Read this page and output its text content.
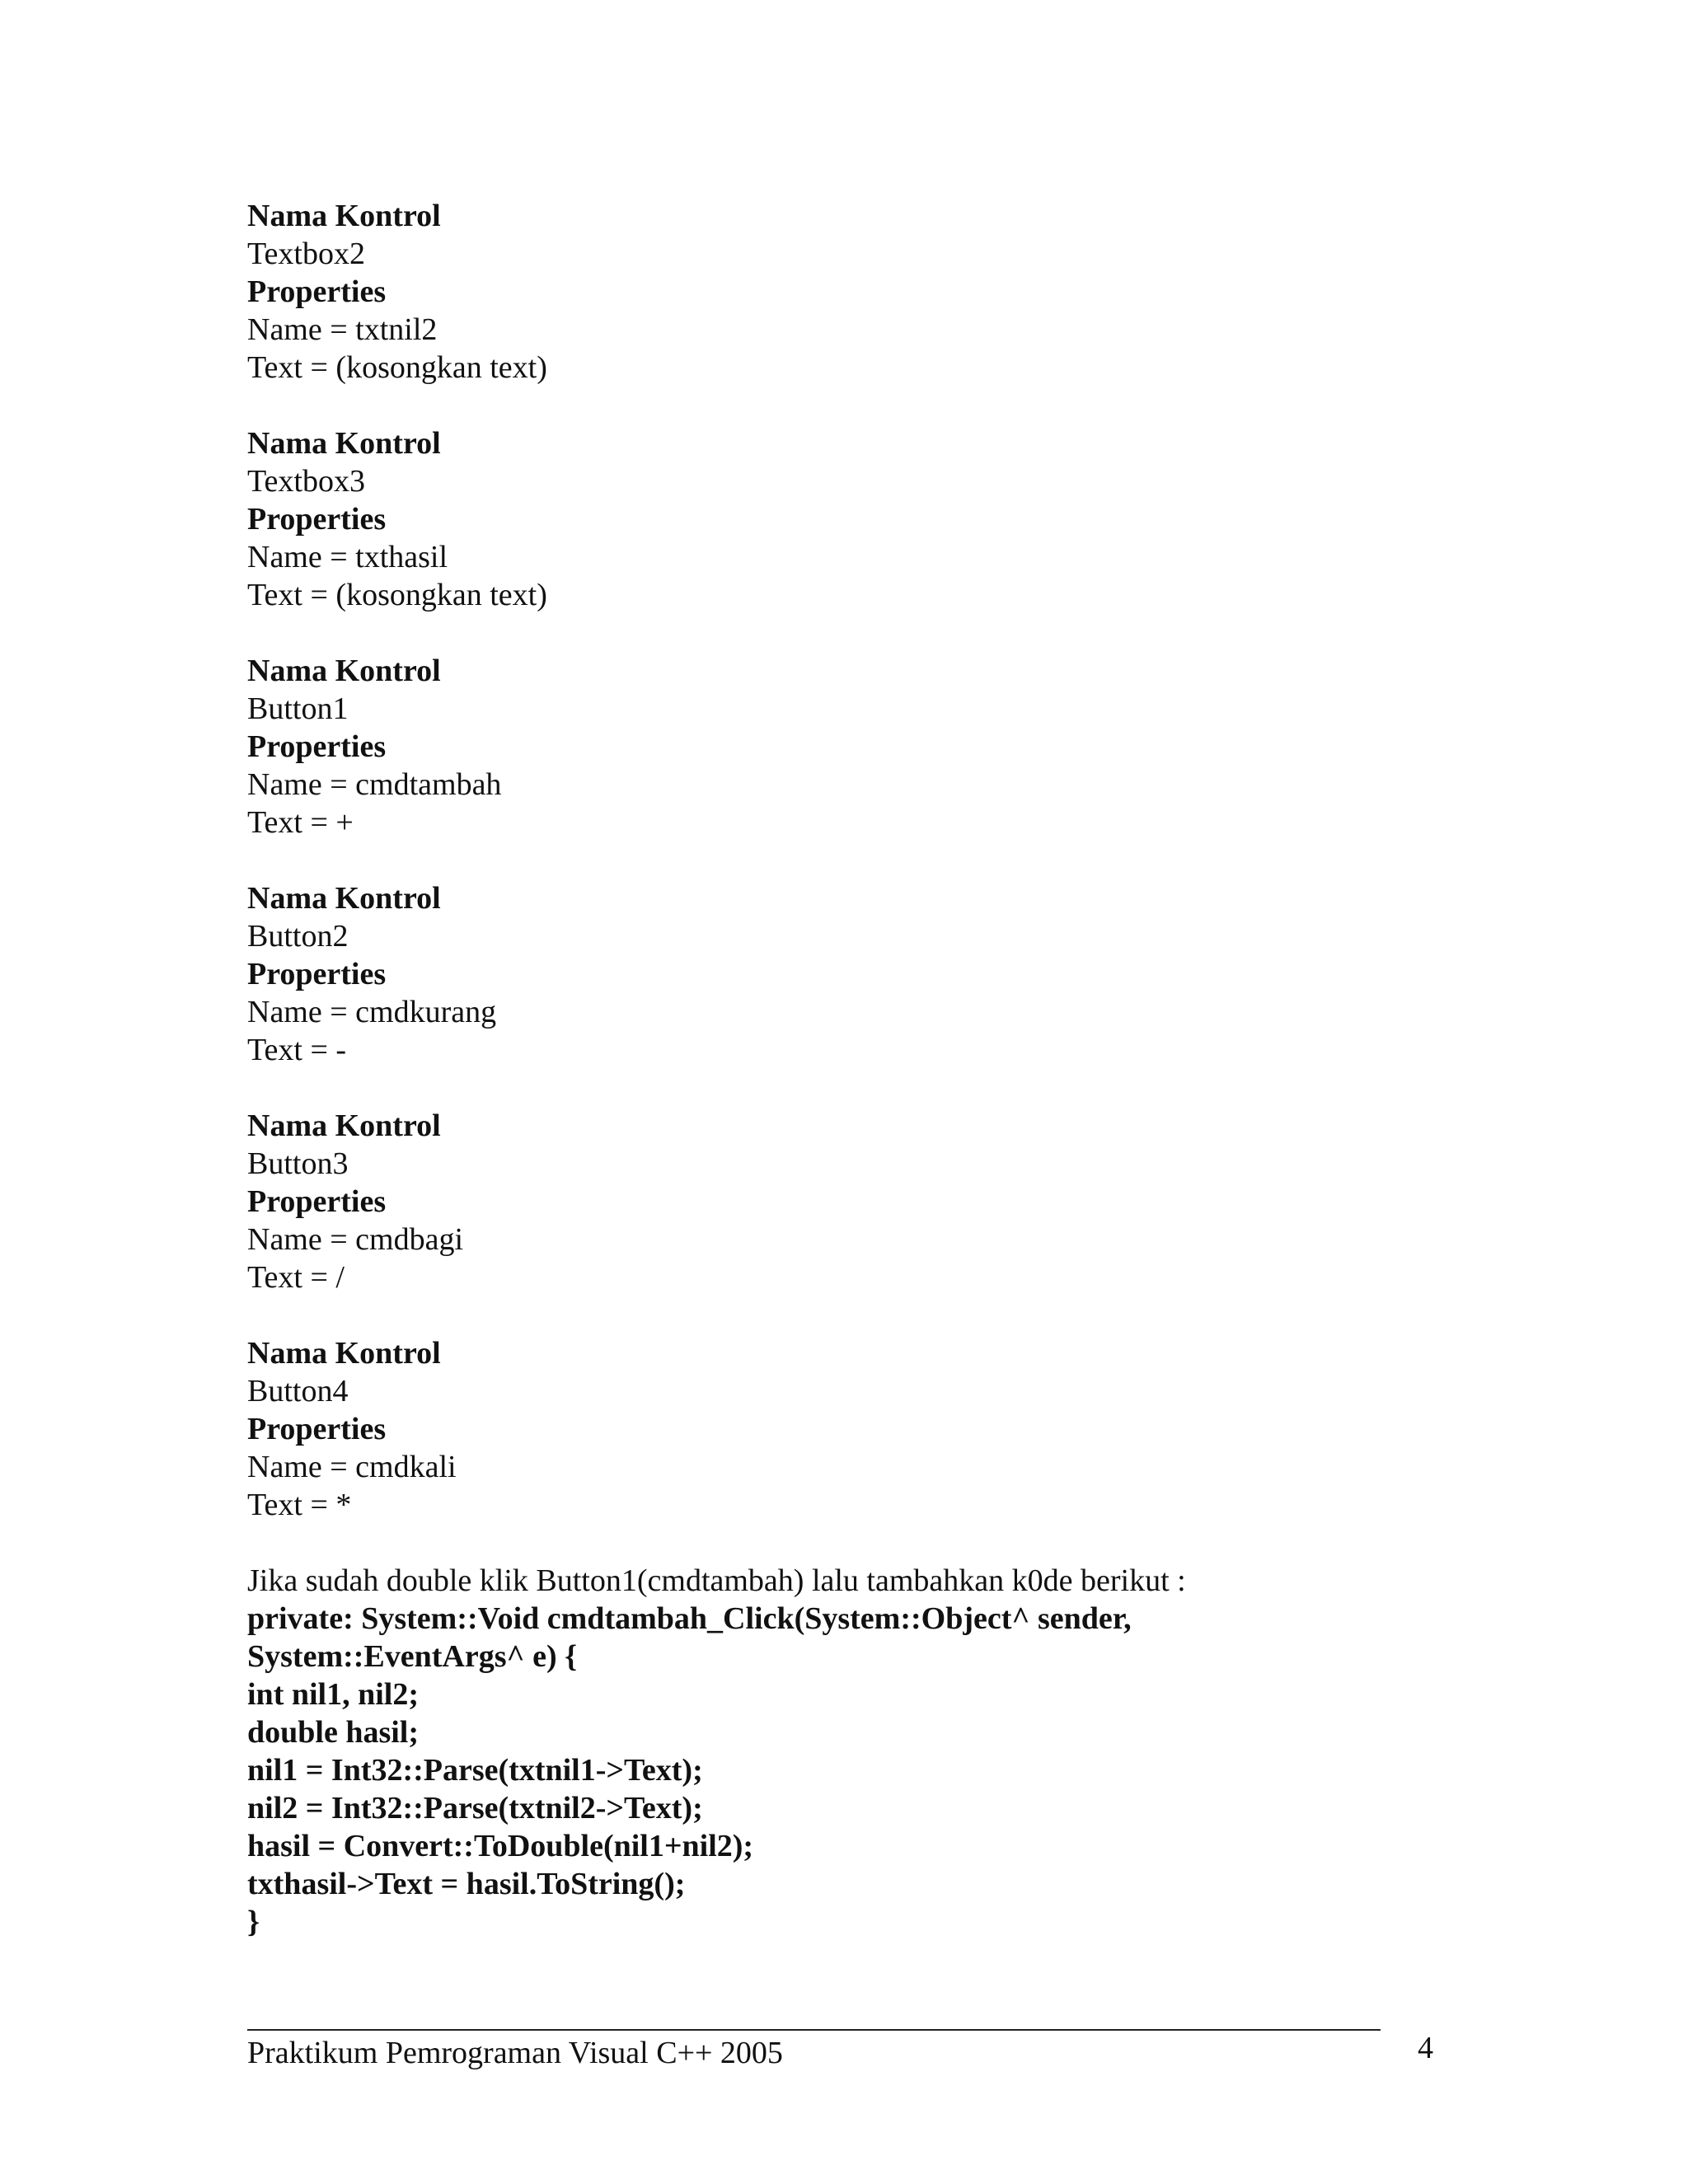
Nama Kontrol

Textbox2

Properties

Name = txtnil2

Text = (kosongkan text)

Nama Kontrol

Textbox3

Properties

Name = txthasil

Text = (kosongkan text)

Nama Kontrol

Button1

Properties

Name = cmdtambah

Text = +

Nama Kontrol

Button2

Properties

Name = cmdkurang

Text = -

Nama Kontrol

Button3

Properties

Name = cmdbagi

Text = /

Nama Kontrol

Button4

Properties

Name = cmdkali

Text = *

Jika sudah double klik Button1(cmdtambah) lalu tambahkan k0de berikut :

private: System::Void cmdtambah_Click(System::Object^ sender,

System::EventArgs^ e) {

int nil1, nil2;

double hasil;

nil1 = Int32::Parse(txtnil1->Text);

nil2 = Int32::Parse(txtnil2->Text);

hasil = Convert::ToDouble(nil1+nil2);

txthasil->Text = hasil.ToString();

}

Praktikum Pemrograman Visual C++ 2005	4
